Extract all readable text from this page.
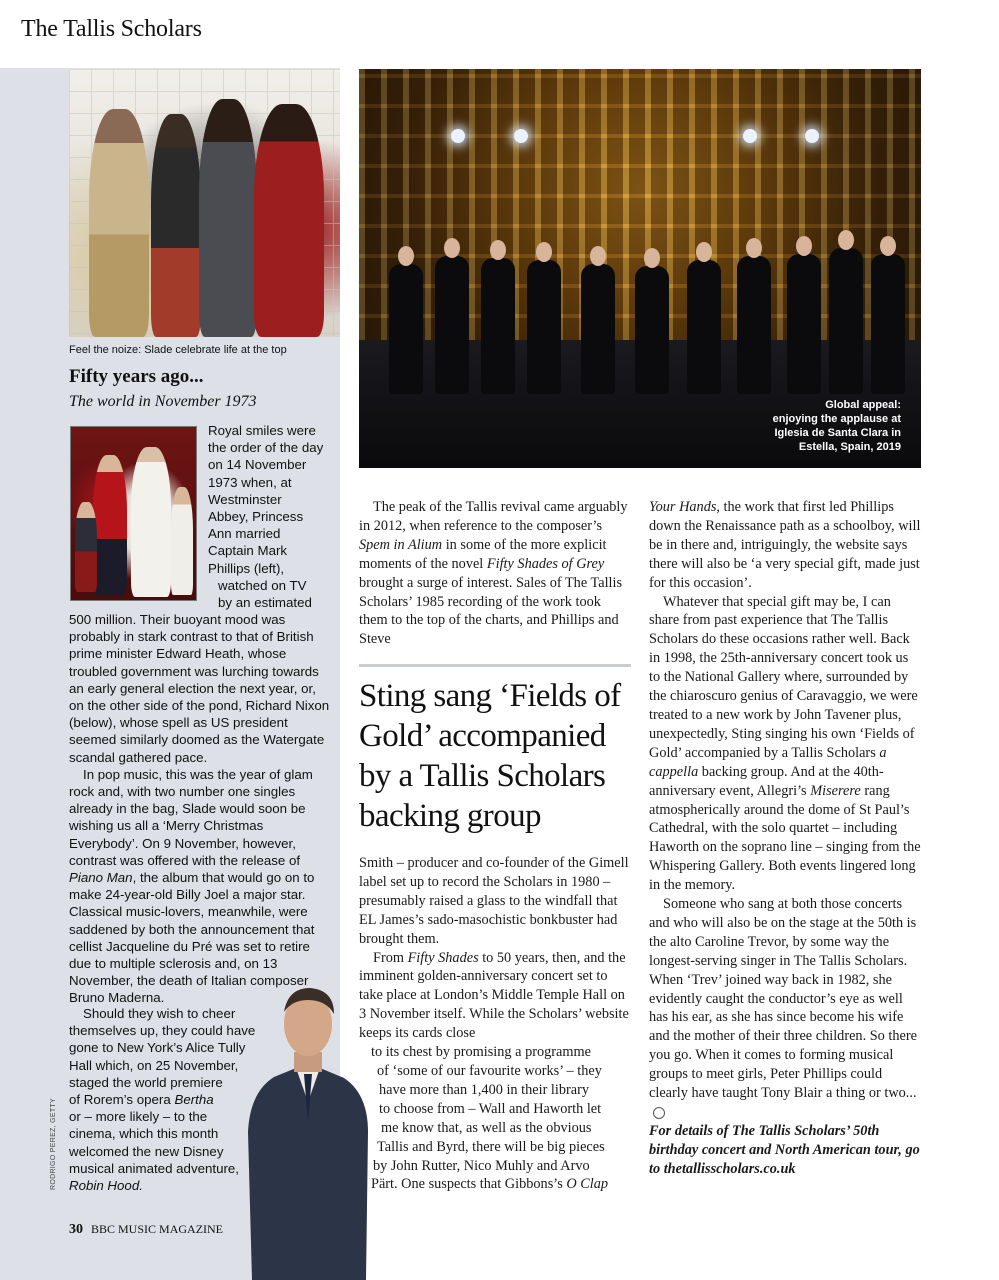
The Tallis Scholars
Feel the noize: Slade celebrate life at the top
Fifty years ago...
The world in November 1973
Royal smiles were
the order of the day
on 14 November
1973 when, at
Westminster
Abbey, Princess
Ann married
Captain Mark
Phillips (left),
watched on TV
by an estimated

500 million. Their buoyant mood was probably in stark contrast to that of British prime minister Edward Heath, whose troubled government was lurching towards an early general election the next year, or, on the other side of the pond, Richard Nixon (below), whose spell as US president seemed similarly doomed as the Watergate scandal gathered pace.

In pop music, this was the year of glam rock and, with two number one singles already in the bag, Slade would soon be wishing us all a ‘Merry Christmas Everybody’. On 9 November, however, contrast was offered with the release of Piano Man, the album that would go on to make 24-year-old Billy Joel a major star. Classical music-lovers, meanwhile, were saddened by both the announcement that cellist Jacqueline du Pré was set to retire due to multiple sclerosis and, on 13 November, the death of Italian composer Bruno Maderna.

Should they wish to cheer
themselves up, they could have
gone to New York’s Alice Tully
Hall which, on 25 November,
staged the world premiere
of Rorem’s opera Bertha
or – more likely – to the
cinema, which this month
welcomed the new Disney
musical animated adventure,
Robin Hood.
RODRIGO PEREZ, GETTY
30 BBC MUSIC MAGAZINE
Global appeal:
enjoying the applause at
Iglesia de Santa Clara in
Estella, Spain, 2019

The peak of the Tallis revival came arguably in 2012, when reference to the composer’s Spem in Alium in some of the more explicit moments of the novel Fifty Shades of Grey brought a surge of interest. Sales of The Tallis Scholars’ 1985 recording of the work took them to the top of the charts, and Phillips and Steve

Sting sang ‘Fields of Gold’ accompanied by a Tallis Scholars backing group

Smith – producer and co-founder of the Gimell label set up to record the Scholars in 1980 – presumably raised a glass to the windfall that EL James’s sado-masochistic bonkbuster had brought them.

From Fifty Shades to 50 years, then, and the imminent golden-anniversary concert set to take place at London’s Middle Temple Hall on 3 November itself. While the Scholars’ website keeps its cards close

to its chest by promising a programme
of ‘some of our favourite works’ – they
have more than 1,400 in their library
to choose from – Wall and Haworth let
me know that, as well as the obvious
Tallis and Byrd, there will be big pieces
by John Rutter, Nico Muhly and Arvo
Pärt. One suspects that Gibbons’s O Clap

Your Hands, the work that first led Phillips down the Renaissance path as a schoolboy, will be in there and, intriguingly, the website says there will also be ‘a very special gift, made just for this occasion’.

Whatever that special gift may be, I can share from past experience that The Tallis Scholars do these occasions rather well. Back in 1998, the 25th-anniversary concert took us to the National Gallery where, surrounded by the chiaroscuro genius of Caravaggio, we were treated to a new work by John Tavener plus, unexpectedly, Sting singing his own ‘Fields of Gold’ accompanied by a Tallis Scholars a cappella backing group. And at the 40th-anniversary event, Allegri’s Miserere rang atmospherically around the dome of St Paul’s Cathedral, with the solo quartet – including Haworth on the soprano line – singing from the Whispering Gallery. Both events lingered long in the memory.

Someone who sang at both those concerts and who will also be on the stage at the 50th is the alto Caroline Trevor, by some way the longest-serving singer in The Tallis Scholars. When ‘Trev’ joined way back in 1982, she evidently caught the conductor’s eye as well has his ear, as she has since become his wife and the mother of their three children. So there you go. When it comes to forming musical groups to meet girls, Peter Phillips could clearly have taught Tony Blair a thing or two...

For details of The Tallis Scholars’ 50th birthday concert and North American tour, go to thetallisscholars.co.uk
